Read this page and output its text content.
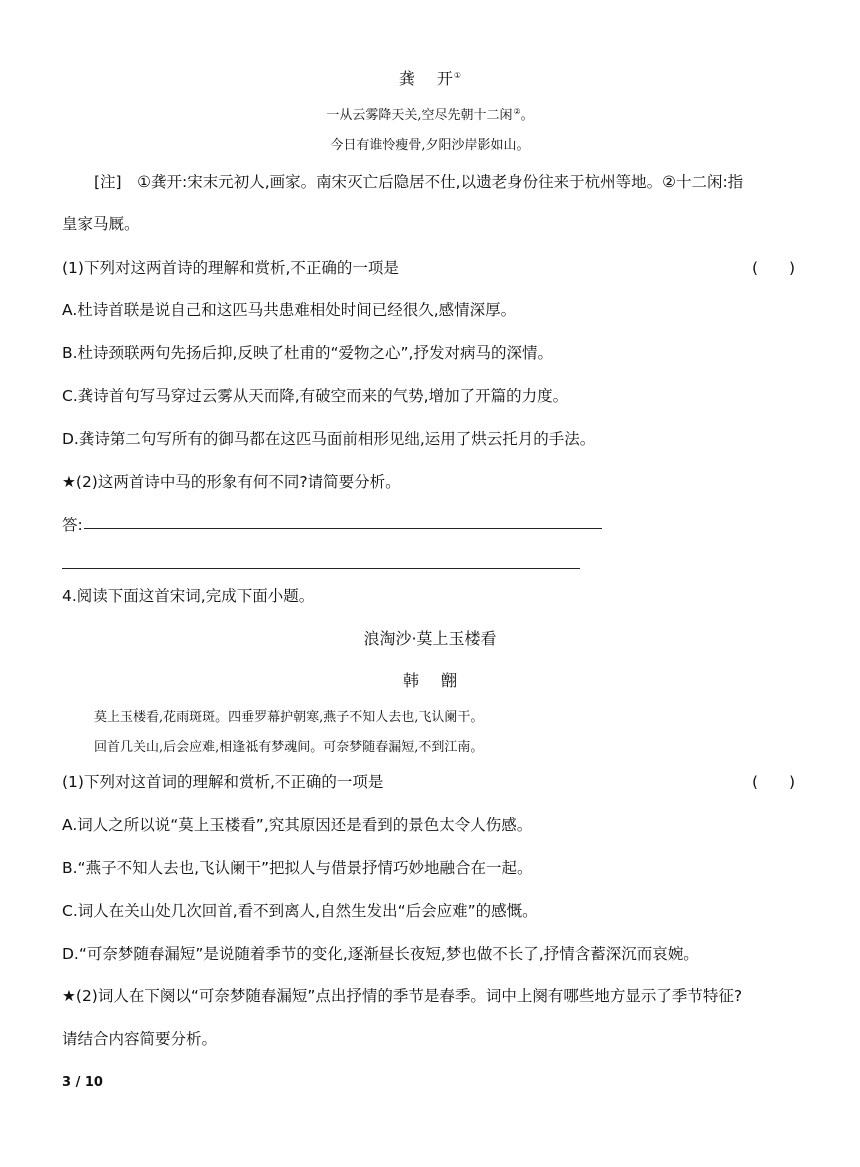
龚 开①
一从云雾降天关,空尽先朝十二闲②。
今日有谁怜瘦骨,夕阳沙岸影如山。
[注]　①龚开:宋末元初人,画家。南宋灭亡后隐居不仕,以遗老身份往来于杭州等地。②十二闲:指
皇家马厩。
(1)下列对这两首诗的理解和赏析,不正确的一项是	(　　)
A.杜诗首联是说自己和这匹马共患难相处时间已经很久,感情深厚。
B.杜诗颈联两句先扬后抑,反映了杜甫的“爱物之心”,抒发对病马的深情。
C.龚诗首句写马穿过云雾从天而降,有破空而来的气势,增加了开篇的力度。
D.龚诗第二句写所有的御马都在这匹马面前相形见绌,运用了烘云托月的手法。
★(2)这两首诗中马的形象有何不同?请简要分析。
答:
4.阅读下面这首宋词,完成下面小题。
浪淘沙·莫上玉楼看
韩 䎖
莫上玉楼看,花雨斑斑。四垂罗幕护朝寒,燕子不知人去也,飞认阑干。
回首几关山,后会应难,相逢祗有梦魂间。可奈梦随春漏短,不到江南。
(1)下列对这首词的理解和赏析,不正确的一项是	(　　)
A.词人之所以说“莫上玉楼看”,究其原因还是看到的景色太令人伤感。
B.“燕子不知人去也,飞认阑干”把拟人与借景抒情巧妙地融合在一起。
C.词人在关山处几次回首,看不到离人,自然生发出“后会应难”的感慨。
D.“可奈梦随春漏短”是说随着季节的变化,逐渐昼长夜短,梦也做不长了,抒情含蓄深沉而哀婉。
★(2)词人在下阕以“可奈梦随春漏短”点出抒情的季节是春季。词中上阕有哪些地方显示了季节特征?
请结合内容简要分析。
3 / 10
